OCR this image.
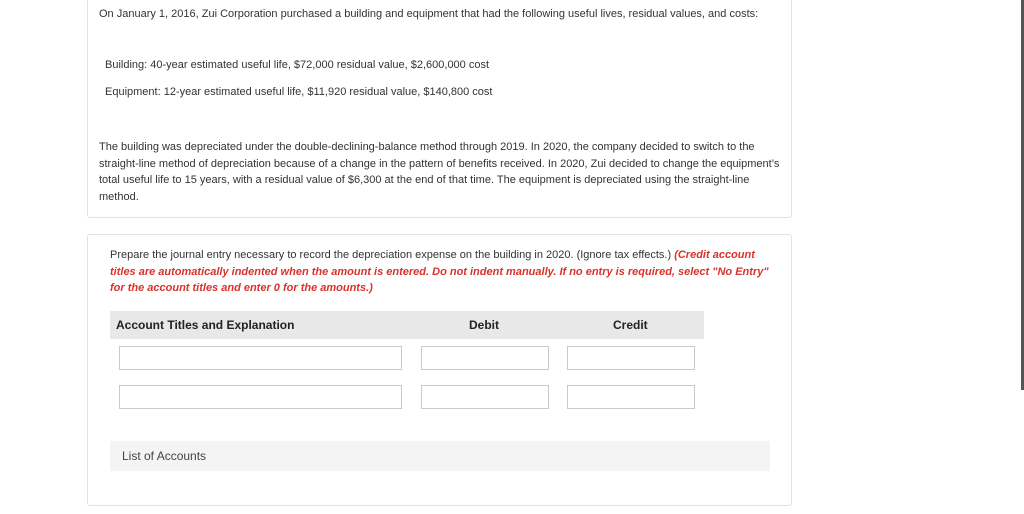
On January 1, 2016, Zui Corporation purchased a building and equipment that had the following useful lives, residual values, and costs:

Building: 40-year estimated useful life, $72,000 residual value, $2,600,000 cost

Equipment: 12-year estimated useful life, $11,920 residual value, $140,800 cost

The building was depreciated under the double-declining-balance method through 2019. In 2020, the company decided to switch to the straight-line method of depreciation because of a change in the pattern of benefits received. In 2020, Zui decided to change the equipment’s total useful life to 15 years, with a residual value of $6,300 at the end of that time. The equipment is depreciated using the straight-line method.

Prepare the journal entry necessary to record the depreciation expense on the building in 2020. (Ignore tax effects.) (Credit account titles are automatically indented when the amount is entered. Do not indent manually. If no entry is required, select "No Entry" for the account titles and enter 0 for the amounts.)

Account Titles and Explanation	Debit	Credit
List of Accounts
